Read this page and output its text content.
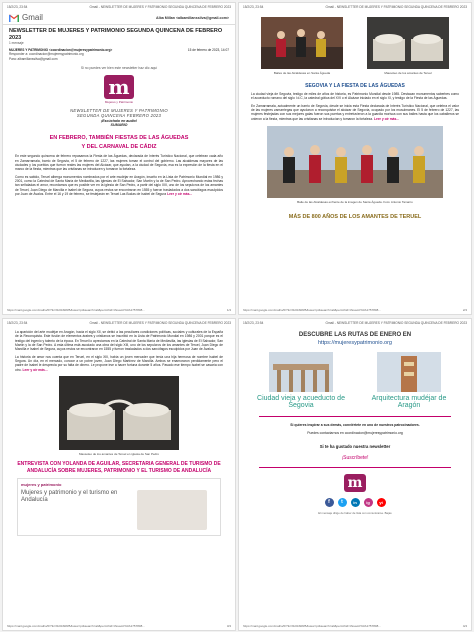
15/2/23, 23:54	Gmail - NEWSLETTER DE MUJERES Y PATRIMONIO SEGUNDA QUINCENA DE FEBRERO 2023
Gmail	Alba Millan <albamillanssilva@gmail.com>
NEWSLETTER DE MUJERES Y PATRIMONIO SEGUNDA QUINCENA DE FEBRERO 2023
1 mensaje
MUJERES Y PATRIMONIO <coordinacion@mujeresypatrimonio.org>	15 de febrero de 2023, 14:07
Responder a: coordinacion@mujeresypatrimonio.org
Para: albamillanssilva@gmail.com
Si no puedes ver bien este newsletter haz clic aquí
m
Mujeres y Patrimonio
NEWSLETTER DE MUJERES Y PATRIMONIO
SEGUNDA QUINCENA FEBRERO 2023
¡Escúchalo en audio!
SUMARIO
EN FEBRERO, TAMBIÉN FIESTAS DE LAS ÁGUEDAS
Y DEL CARNAVAL DE CÁDIZ
En este segundo quincena de febrero repasamos la Fiesta de las Águedas, declarada de Interés Turístico Nacional, que celebran cada año en Zamarramala, barrio de Segovia, el 5 de febrero de 1227, las mujeres toman el control del gobierno. Las alcaldesas mayores de las ciudades y los pueblos que fueron reales las mujeres del Alcázar, que ayudan, a la ciudad de Segovia, esa es la expresión de la fiesta en el marco de la fiesta, mientras que las cristianas se introducen y tomaron la fortaleza.
Como es sabido, Teruel alberga monumentos nombrados por el arte mudéjar en Aragón, inscrito en la Lista de Patrimonio Mundial en 1986 y 2001, como la Catedral de Santa María de Mediavilla, las iglesias de El Salvador, San Martín y la de San Pedro. Aprovechando estas fechas tan señaladas el amor, recordamos que es posible ver en la iglesia de San Pedro, a partir del siglo XIII, uno de los sepulcros de los amantes de Teruel, Juan Diego de Marcilla e Isabel de Segura, cuyos restos se encontraron en 1555 y fueron trasladados a dos sarcófagos esculpidos por Juan de Ávalos. Entre el 16 y 19 de febrero, se festejarán en Teruel Las Bodas de Isabel de Segura Leer y oír más...
https://mail.google.com/mail/u/0/?ik=f2cbb8d9f5&view=pt&search=all&permthid=thread-f%3A1757808...	1/4
15/2/23, 23:54	Gmail - NEWSLETTER DE MUJERES Y PATRIMONIO SEGUNDA QUINCENA DE FEBRERO 2023
Bailes de las Alcaldesas en Santa Águeda	Mausoleo de los amantes de Teruel
SEGOVIA Y LA FIESTA DE LAS ÁGUEDAS
La ciudad vieja de Segovia, testigo de miles de años de historia, es Patrimonio Mundial desde 1985. Destacan monumentos saberbes como el acueducto romano del siglo I d.C, la catedral gótica del XVI o el Alcázar iniciado en el siglo XI, y testigo de la Fiesta de las Águedas.
En Zamarramala, actualmente un barrio de Segovia, desde se inicia esta Fiesta declarada de Interés Turístico Nacional, que celebra el valor de las mujeres zamarriegas que ayudaron a reconquistar el alcázar de Segovia, ocupado por los musulmanes. El 5 de febrero de 1227, las mujeres festejadas con sus mejores galas fueron sus puertas y entretuvieron a la guardia morisca con sus bailes hasta que los caballeros se unieron a la fiesta, mientras que las cristianas se introducían y tomaron la fortaleza. Leer y oír más...
Baile de las Alcaldesas enfrente de la imagen de Santa Águeda. Foto: Antonio Tamarro
MÁS DE 800 AÑOS DE LOS AMANTES DE TERUEL
https://mail.google.com/mail/u/0/?ik=f2cbb8d9f5&view=pt&search=all&permthid=thread-f%3A1757808...	2/4
15/2/23, 23:54	Gmail - NEWSLETTER DE MUJERES Y PATRIMONIO SEGUNDA QUINCENA DE FEBRERO 2023
La aparición del arte mudéjar en Aragón, hacia el siglo XII, se debió a las peculiares condiciones políticas, sociales y culturales de la España de la Reconquista. Este fusión de elementos árabes y cristianos se inscribió en la Lista de Patrimonio Mundial en 1986 y 2001 porque es el testigo del ingenio y talento de la época. En Teruel lo apreciamos en la Catedral de Santa María de Mediavilla, las iglesias de El Salvador, San Martín y la de San Pedro. A esta última está asociado una obra del siglo XIII, uno de los sepulcros de los amantes de Teruel, Juan Diego de Marcilla e Isabel de Segura, cuyos restos se encontraron en 1555 y fueron trasladados a dos sarcófagos esculpidos por Juan de Ávalos.
La historia de amor nos cuenta que en Teruel, en el siglo XIII, había un joven mercader que tenía una hija hermosa de nombre Isabel de Segura. Un día, en el mercado, conoce a un pobre joven, Juan Diego Martínez de Marcilla. Ambos se enamoraron perdidamente pero el padre de Isabel le desprecia por su falta de dinero. Le propone irse a hacer fortuna durante 5 años. Pasado ese tiempo Isabel se casaría con otro. Leer y oír más...
Mausoleo de los amantes de Teruel en iglesia de San Pedro
ENTREVISTA CON YOLANDA DE AGUILAR, SECRETARIA GENERAL DE TURISMO DE ANDALUCÍA SOBRE MUJERES, PATRIMONIO Y EL TURISMO DE ANDALUCÍA
mujeres y patrimonio
Mujeres y patrimonio y el turismo en Andalucía
https://mail.google.com/mail/u/0/?ik=f2cbb8d9f5&view=pt&search=all&permthid=thread-f%3A1757808...	3/4
15/2/23, 23:54	Gmail - NEWSLETTER DE MUJERES Y PATRIMONIO SEGUNDA QUINCENA DE FEBRERO 2023
DESCUBRE LAS RUTAS DE ENERO EN
https://mujeresypatrimonio.org
Ciudad vieja y acueducto de Segovia
Arquitectura mudéjar de Aragón
Si quieres inspirar a sus demás, conviértete en uno de nuestros patrocinadores.
Puedes contactarnos en coordinacion@mujeresypatrimonio.org
Si te ha gustado nuestra newsletter
¡Suscríbete!
m
f	t	in	ig	yt
El mensaje dirige de haber de lista con comunicarse. Bajas
https://mail.google.com/mail/u/0/?ik=f2cbb8d9f5&view=pt&search=all&permthid=thread-f%3A1757808...	4/4
